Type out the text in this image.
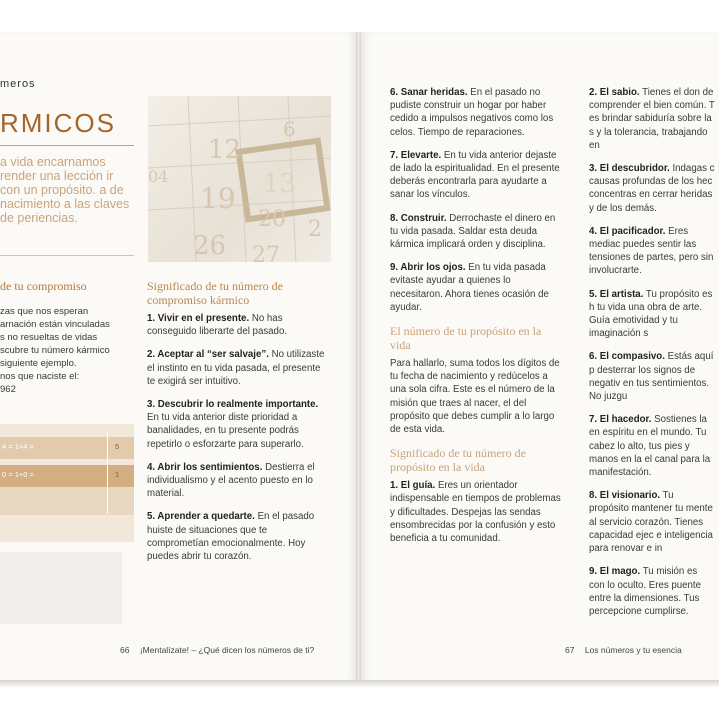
meros
RMICOS
a vida encarnamos render una lección ir con un propósito. a de nacimiento a las claves de periencias.
6
12
13
04
19
20 2
26 27
de tu compromiso

zas que nos esperan

arnación están vinculadas

s no resueltas de vidas

scubre tu número kármico

siguiente ejemplo.

nos que naciste el:

962

4 = 1+4 =	5
0 = 1+0 =	1

Significado de tu número de compromiso kármico

1. Vivir en el presente. No has conseguido liberarte del pasado.

2. Aceptar al “ser salvaje”. No utilizaste el instinto en tu vida pasada, el presente te exigirá ser intuitivo.

3. Descubrir lo realmente importante. En tu vida anterior diste prioridad a banalidades, en tu presente podrás repetirlo o esforzarte para superarlo.

4. Abrir los sentimientos. Destierra el individualismo y el acento puesto en lo material.

5. Aprender a quedarte. En el pasado huiste de situaciones que te comprometían emocionalmente. Hoy puedes abrir tu corazón.

66 ¡Mentalízate! – ¿Qué dicen los números de ti?

6. Sanar heridas. En el pasado no pudiste construir un hogar por haber cedido a impulsos negativos como los celos. Tiempo de reparaciones.

7. Elevarte. En tu vida anterior dejaste de lado la espiritualidad. En el presente deberás encontrarla para ayudarte a sanar los vínculos.

8. Construir. Derrochaste el dinero en tu vida pasada. Saldar esta deuda kármica implicará orden y disciplina.

9. Abrir los ojos. En tu vida pasada evitaste ayudar a quienes lo necesitaron. Ahora tienes ocasión de ayudar.

El número de tu propósito en la vida

Para hallarlo, suma todos los dígitos de tu fecha de nacimiento y redúcelos a una sola cifra. Este es el número de la misión que traes al nacer, el del propósito que debes cumplir a lo largo de esta vida.

Significado de tu número de propósito en la vida

1. El guía. Eres un orientador indispensable en tiempos de problemas y dificultades. Despejas las sendas ensombrecidas por la confusión y esto beneficia a tu comunidad.

2. El sabio. Tienes el don de comprender el bien común. T es brindar sabiduría sobre la s y la tolerancia, trabajando en

3. El descubridor. Indagas c causas profundas de los hec concentras en cerrar heridas y de los demás.

4. El pacificador. Eres mediac puedes sentir las tensiones de partes, pero sin involucrarte.

5. El artista. Tu propósito es h tu vida una obra de arte. Guía emotividad y tu imaginación s

6. El compasivo. Estás aquí p desterrar los signos de negativ en tus sentimientos. No juzgu

7. El hacedor. Sostienes la en espíritu en el mundo. Tu cabez lo alto, tus pies y manos en la el canal para la manifestación.

8. El visionario. Tu propósito mantener tu mente al servicio corazón. Tienes capacidad ejec e inteligencia para renovar e in

9. El mago. Tu misión es con lo oculto. Eres puente entre la dimensiones. Tus percepcione cumplirse.

67 Los números y tu esencia
